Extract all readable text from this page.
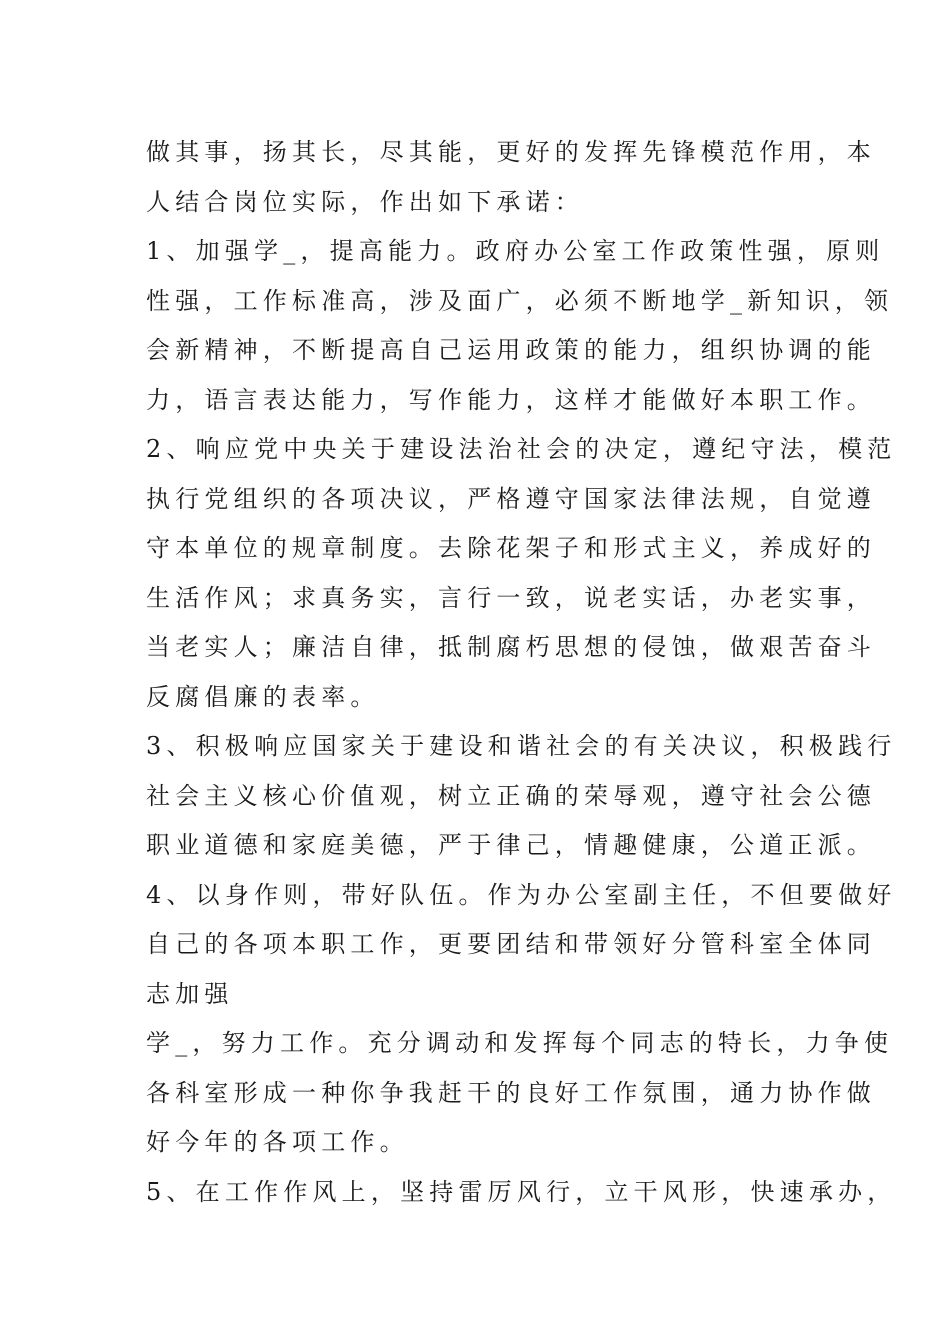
做其事，扬其长，尽其能，更好的发挥先锋模范作用，本

人结合岗位实际，作出如下承诺：

1、加强学_，提高能力。政府办公室工作政策性强，原则

性强，工作标准高，涉及面广，必须不断地学_新知识，领

会新精神，不断提高自己运用政策的能力，组织协调的能

力，语言表达能力，写作能力，这样才能做好本职工作。

2、响应党中央关于建设法治社会的决定，遵纪守法，模范

执行党组织的各项决议，严格遵守国家法律法规，自觉遵

守本单位的规章制度。去除花架子和形式主义，养成好的

生活作风；求真务实，言行一致，说老实话，办老实事，

当老实人；廉洁自律，抵制腐朽思想的侵蚀，做艰苦奋斗

反腐倡廉的表率。

3、积极响应国家关于建设和谐社会的有关决议，积极践行

社会主义核心价值观，树立正确的荣辱观，遵守社会公德

职业道德和家庭美德，严于律己，情趣健康，公道正派。

4、以身作则，带好队伍。作为办公室副主任，不但要做好

自己的各项本职工作，更要团结和带领好分管科室全体同

志加强

学_，努力工作。充分调动和发挥每个同志的特长，力争使

各科室形成一种你争我赶干的良好工作氛围，通力协作做

好今年的各项工作。

5、在工作作风上，坚持雷厉风行，立干风形，快速承办，
